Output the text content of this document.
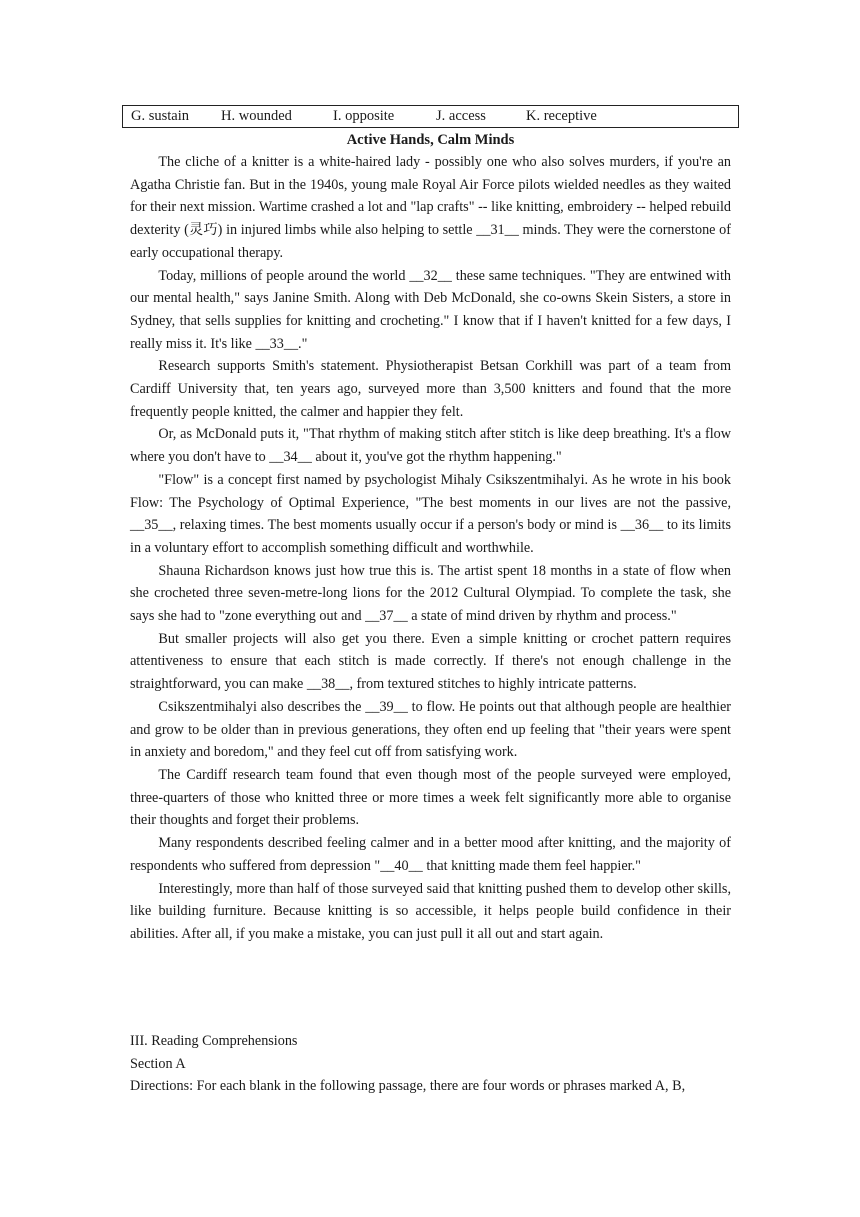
G. sustain H. wounded	I. opposite	J. access	K. receptive
Active Hands, Calm Minds

The cliche of a knitter is a white-haired lady - possibly one who also solves murders, if you're an Agatha Christie fan. But in the 1940s, young male Royal Air Force pilots wielded needles as they waited for their next mission. Wartime crashed a lot and "lap crafts" -- like knitting, embroidery -- helped rebuild dexterity (灵巧) in injured limbs while also helping to settle __31__ minds. They were the cornerstone of early occupational therapy.

Today, millions of people around the world __32__ these same techniques. "They are entwined with our mental health," says Janine Smith. Along with Deb McDonald, she co-owns Skein Sisters, a store in Sydney, that sells supplies for knitting and crocheting." I know that if I haven't knitted for a few days, I really miss it. It's like __33__."

Research supports Smith's statement. Physiotherapist Betsan Corkhill was part of a team from Cardiff University that, ten years ago, surveyed more than 3,500 knitters and found that the more frequently people knitted, the calmer and happier they felt.

Or, as McDonald puts it, "That rhythm of making stitch after stitch is like deep breathing. It's a flow where you don't have to __34__ about it, you've got the rhythm happening."

"Flow" is a concept first named by psychologist Mihaly Csikszentmihalyi. As he wrote in his book Flow: The Psychology of Optimal Experience, "The best moments in our lives are not the passive, __35__, relaxing times. The best moments usually occur if a person's body or mind is __36__ to its limits in a voluntary effort to accomplish something difficult and worthwhile.

Shauna Richardson knows just how true this is. The artist spent 18 months in a state of flow when she crocheted three seven-metre-long lions for the 2012 Cultural Olympiad. To complete the task, she says she had to "zone everything out and __37__ a state of mind driven by rhythm and process."

But smaller projects will also get you there. Even a simple knitting or crochet pattern requires attentiveness to ensure that each stitch is made correctly. If there's not enough challenge in the straightforward, you can make __38__, from textured stitches to highly intricate patterns.

Csikszentmihalyi also describes the __39__ to flow. He points out that although people are healthier and grow to be older than in previous generations, they often end up feeling that "their years were spent in anxiety and boredom," and they feel cut off from satisfying work.

The Cardiff research team found that even though most of the people surveyed were employed, three-quarters of those who knitted three or more times a week felt significantly more able to organise their thoughts and forget their problems.

Many respondents described feeling calmer and in a better mood after knitting, and the majority of respondents who suffered from depression "__40__ that knitting made them feel happier."

Interestingly, more than half of those surveyed said that knitting pushed them to develop other skills, like building furniture. Because knitting is so accessible, it helps people build confidence in their abilities. After all, if you make a mistake, you can just pull it all out and start again.

III. Reading Comprehensions
Section A
Directions: For each blank in the following passage, there are four words or phrases marked A, B,
